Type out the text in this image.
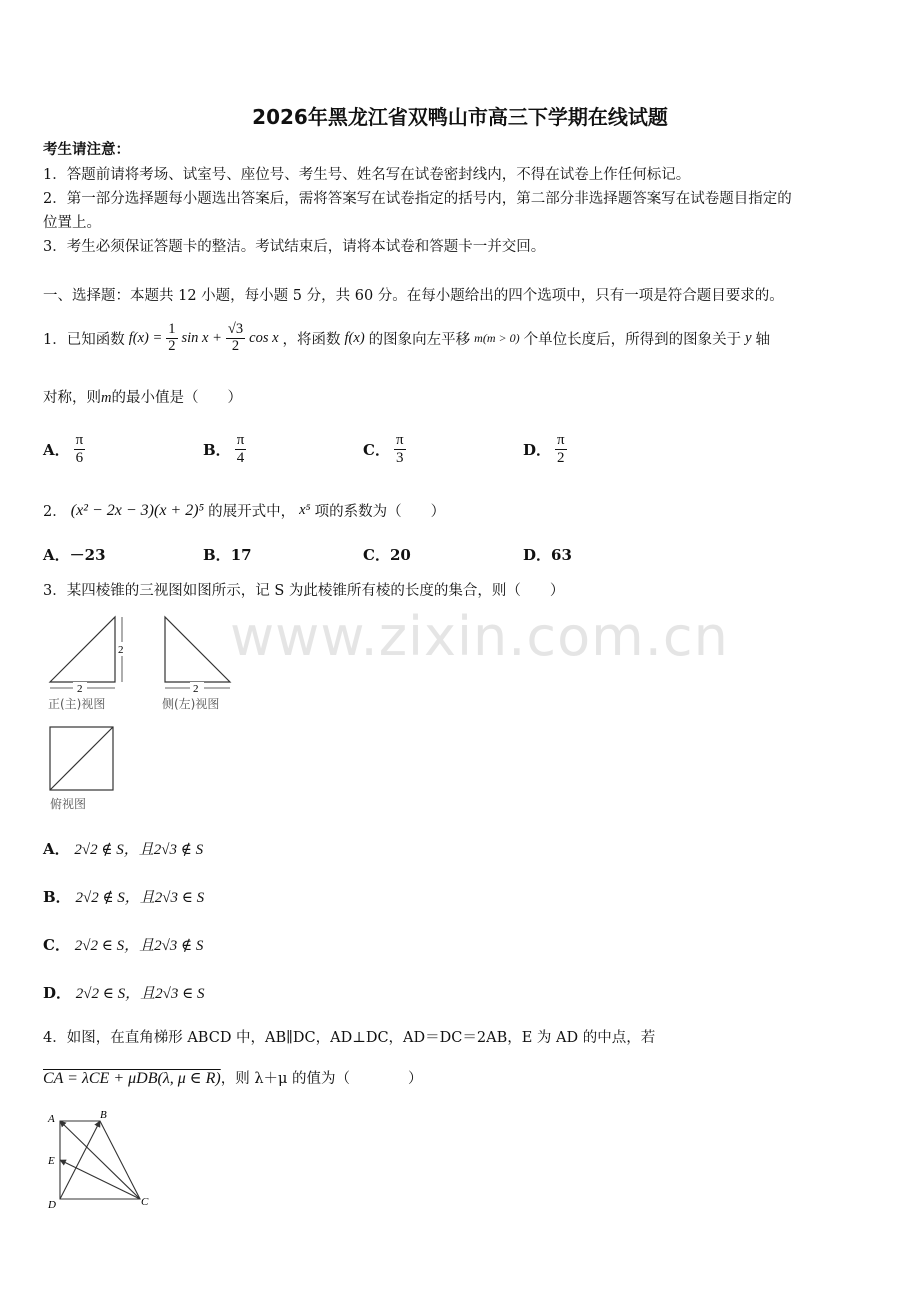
2026年黑龙江省双鸭山市高三下学期在线试题
考生请注意：
1．答题前请将考场、试室号、座位号、考生号、姓名写在试卷密封线内，不得在试卷上作任何标记。
2．第一部分选择题每小题选出答案后，需将答案写在试卷指定的括号内，第二部分非选择题答案写在试卷题目指定的
位置上。
3．考生必须保证答题卡的整洁。考试结束后，请将本试卷和答题卡一并交回。
一、选择题：本题共 12 小题，每小题 5 分，共 60 分。在每小题给出的四个选项中，只有一项是符合题目要求的。
1．已知函数 $f(x) = \frac{1}{2}$ $\sin x + \frac{√3}{2}$ cos x ，将函数 f(x) 的图象向左平移 m(m > 0) 个单位长度后，所得到的图象关于 y 轴
对称，则m的最小值是（　　）
A． $\frac{\pi}{6}$	B． $\frac{\pi}{4}$	C． $\frac{\pi}{3}$	D． $\frac{\pi}{2}$
2． (x² − 2x − 3)(x + 2)⁵ 的展开式中， x⁵ 项的系数为（　　）
A．－23	B．17	C．20	D．63
3．某四棱锥的三视图如图所示，记 S 为此棱锥所有棱的长度的集合，则（　　）
www.zixin.com.cn
2
2
正(主)视图
2
侧(左)视图
俯视图
A． 2√2 ∉ S，且2√3 ∉ S
B． 2√2 ∉ S，且2√3 ∈ S
C． 2√2 ∈ S，且2√3 ∉ S
D． 2√2 ∈ S，且2√3 ∈ S
4．如图，在直角梯形 ABCD 中，AB∥DC，AD⊥DC，AD＝DC＝2AB，E 为 AD 的中点，若
CA = λCE + μDB(λ, μ ∈ R)，则 λ＋μ 的值为（　　　　）
A	B
E
D	C
